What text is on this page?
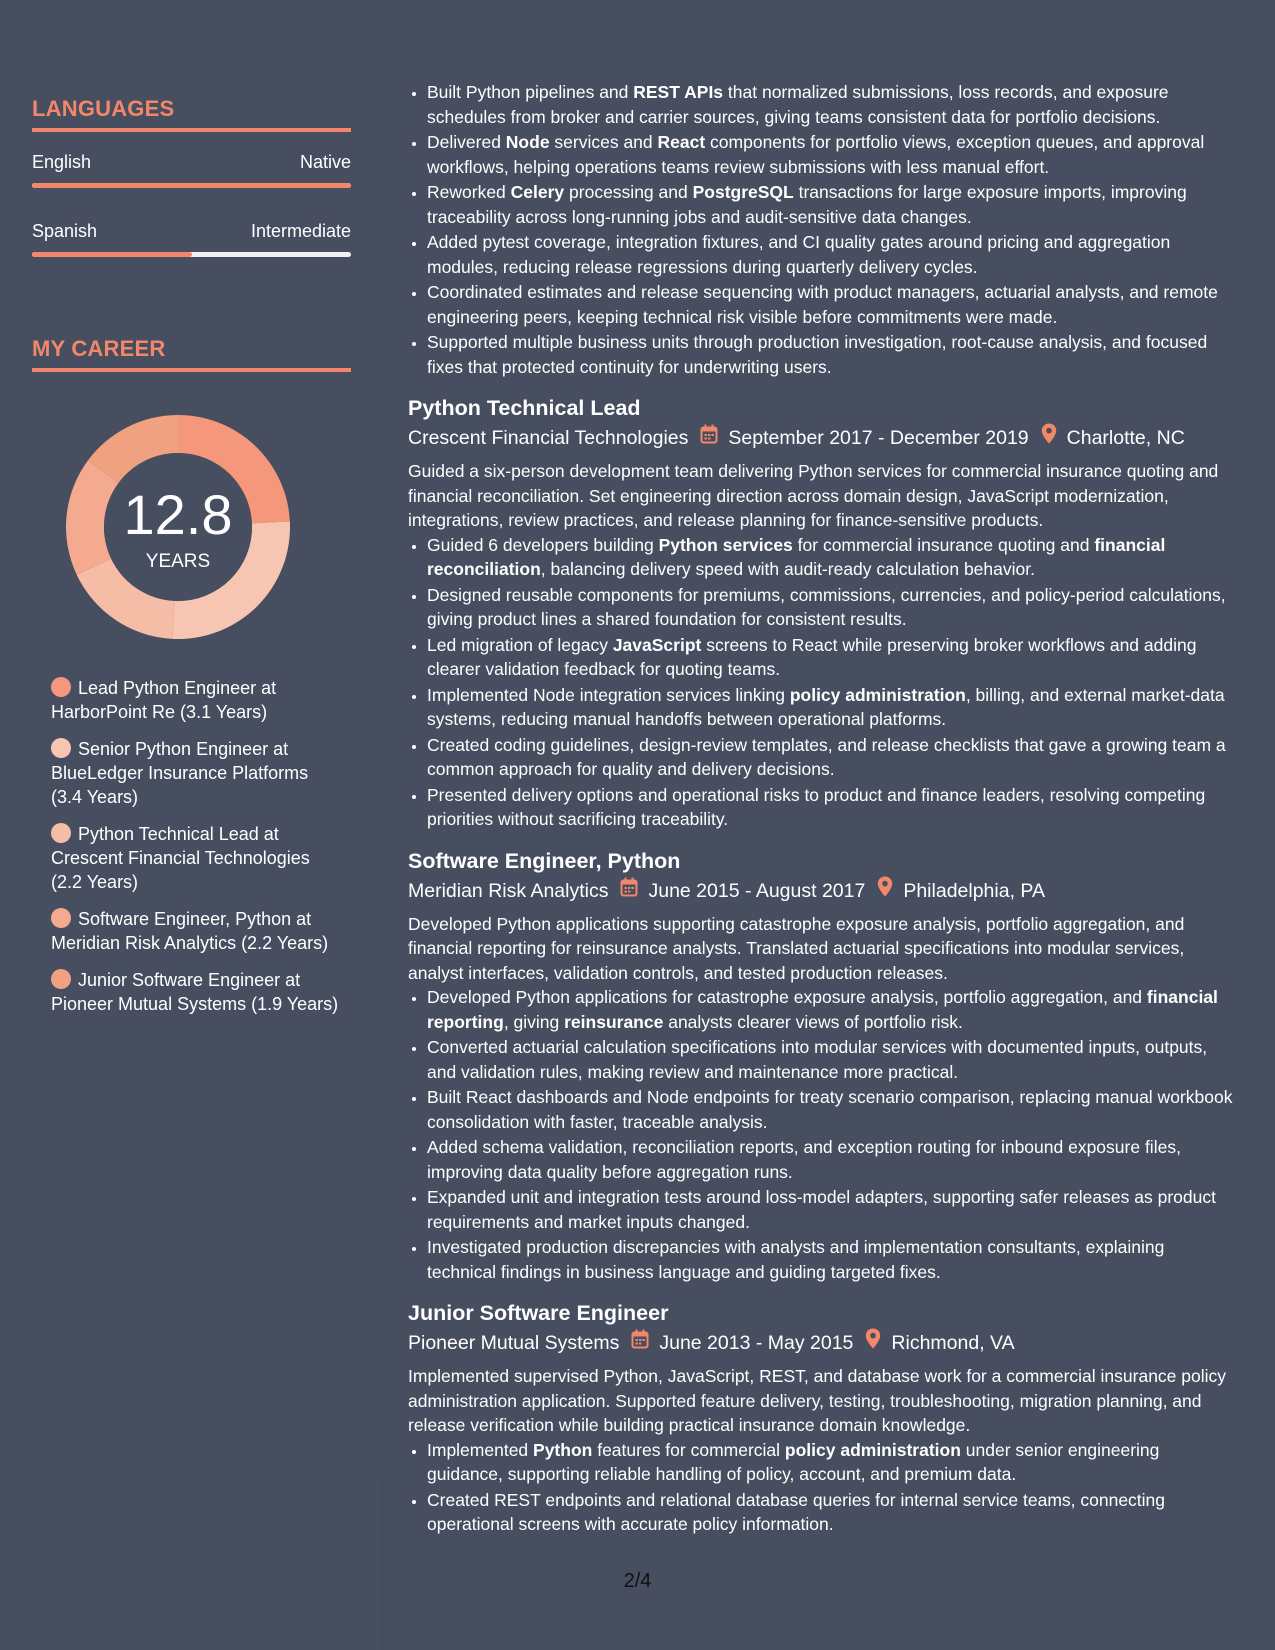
LANGUAGES
English	Native
Spanish	Intermediate
MY CAREER
12.8
YEARS
Lead Python Engineer at HarborPoint Re (3.1 Years)
Senior Python Engineer at BlueLedger Insurance Platforms (3.4 Years)
Python Technical Lead at Crescent Financial Technologies (2.2 Years)
Software Engineer, Python at Meridian Risk Analytics (2.2 Years)
Junior Software Engineer at Pioneer Mutual Systems (1.9 Years)
• Built Python pipelines and REST APIs that normalized submissions, loss records, and exposure schedules from broker and carrier sources, giving teams consistent data for portfolio decisions.
• Delivered Node services and React components for portfolio views, exception queues, and approval workflows, helping operations teams review submissions with less manual effort.
• Reworked Celery processing and PostgreSQL transactions for large exposure imports, improving traceability across long-running jobs and audit-sensitive data changes.
• Added pytest coverage, integration fixtures, and CI quality gates around pricing and aggregation modules, reducing release regressions during quarterly delivery cycles.
• Coordinated estimates and release sequencing with product managers, actuarial analysts, and remote engineering peers, keeping technical risk visible before commitments were made.
• Supported multiple business units through production investigation, root-cause analysis, and focused fixes that protected continuity for underwriting users.
Python Technical Lead
Crescent Financial Technologies September 2017 - December 2019 Charlotte, NC

Guided a six-person development team delivering Python services for commercial insurance quoting and financial reconciliation. Set engineering direction across domain design, JavaScript modernization, integrations, review practices, and release planning for finance-sensitive products.

• Guided 6 developers building Python services for commercial insurance quoting and financial reconciliation, balancing delivery speed with audit-ready calculation behavior.
• Designed reusable components for premiums, commissions, currencies, and policy-period calculations, giving product lines a shared foundation for consistent results.
• Led migration of legacy JavaScript screens to React while preserving broker workflows and adding clearer validation feedback for quoting teams.
• Implemented Node integration services linking policy administration, billing, and external market-data systems, reducing manual handoffs between operational platforms.
• Created coding guidelines, design-review templates, and release checklists that gave a growing team a common approach for quality and delivery decisions.
• Presented delivery options and operational risks to product and finance leaders, resolving competing priorities without sacrificing traceability.
Software Engineer, Python
Meridian Risk Analytics June 2015 - August 2017 Philadelphia, PA

Developed Python applications supporting catastrophe exposure analysis, portfolio aggregation, and financial reporting for reinsurance analysts. Translated actuarial specifications into modular services, analyst interfaces, validation controls, and tested production releases.

• Developed Python applications for catastrophe exposure analysis, portfolio aggregation, and financial reporting, giving reinsurance analysts clearer views of portfolio risk.
• Converted actuarial calculation specifications into modular services with documented inputs, outputs, and validation rules, making review and maintenance more practical.
• Built React dashboards and Node endpoints for treaty scenario comparison, replacing manual workbook consolidation with faster, traceable analysis.
• Added schema validation, reconciliation reports, and exception routing for inbound exposure files, improving data quality before aggregation runs.
• Expanded unit and integration tests around loss-model adapters, supporting safer releases as product requirements and market inputs changed.
• Investigated production discrepancies with analysts and implementation consultants, explaining technical findings in business language and guiding targeted fixes.
Junior Software Engineer
Pioneer Mutual Systems June 2013 - May 2015 Richmond, VA

Implemented supervised Python, JavaScript, REST, and database work for a commercial insurance policy administration application. Supported feature delivery, testing, troubleshooting, migration planning, and release verification while building practical insurance domain knowledge.

• Implemented Python features for commercial policy administration under senior engineering guidance, supporting reliable handling of policy, account, and premium data.
• Created REST endpoints and relational database queries for internal service teams, connecting operational screens with accurate policy information.
2/4
